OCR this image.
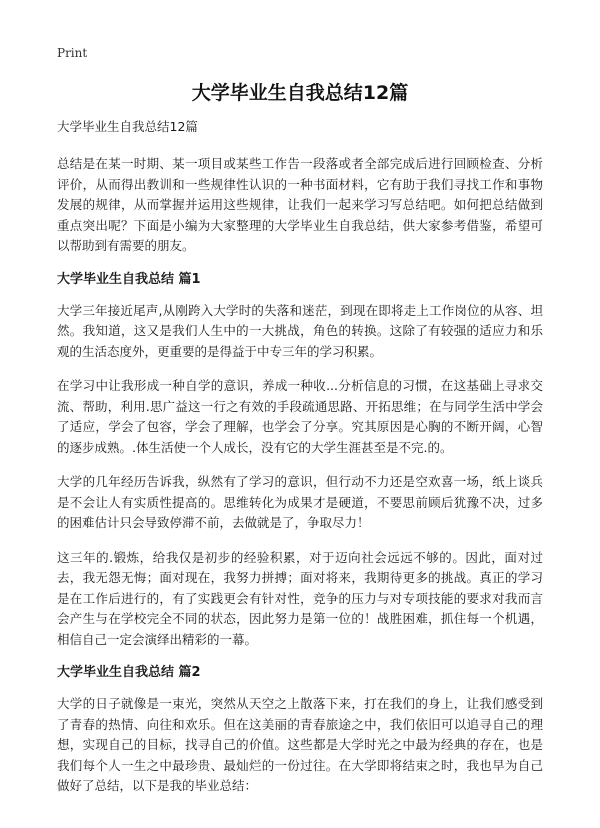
Print
大学毕业生自我总结12篇
大学毕业生自我总结12篇

总结是在某一时期、某一项目或某些工作告一段落或者全部完成后进行回顾检查、分析评价，从而得出教训和一些规律性认识的一种书面材料，它有助于我们寻找工作和事物发展的规律，从而掌握并运用这些规律，让我们一起来学习写总结吧。如何把总结做到重点突出呢？下面是小编为大家整理的大学毕业生自我总结，供大家参考借鉴，希望可以帮助到有需要的朋友。

大学毕业生自我总结 篇1

大学三年接近尾声,从刚跨入大学时的失落和迷茫，到现在即将走上工作岗位的从容、坦然。我知道，这又是我们人生中的一大挑战，角色的转换。这除了有较强的适应力和乐观的生活态度外，更重要的是得益于中专三年的学习积累。

在学习中让我形成一种自学的意识，养成一种收...分析信息的习惯，在这基础上寻求交流、帮助，利用.思广益这一行之有效的手段疏通思路、开拓思维；在与同学生活中学会了适应，学会了包容，学会了理解，也学会了分享。究其原因是心胸的不断开阔，心智的逐步成熟。.体生活使一个人成长，没有它的大学生涯甚至是不完.的。

大学的几年经历告诉我，纵然有了学习的意识，但行动不力还是空欢喜一场，纸上谈兵是不会让人有实质性提高的。思维转化为成果才是硬道，不要思前顾后犹豫不决，过多的困难估计只会导致停滞不前，去做就是了，争取尽力！

这三年的.锻炼，给我仅是初步的经验积累，对于迈向社会远远不够的。因此，面对过去，我无怨无悔；面对现在，我努力拼搏；面对将来，我期待更多的挑战。真正的学习是在工作后进行的，有了实践更会有针对性，竞争的压力与对专项技能的要求对我而言会产生与在学校完全不同的状态，因此努力是第一位的！战胜困难，抓住每一个机遇，相信自己一定会演绎出精彩的一幕。

大学毕业生自我总结 篇2

大学的日子就像是一束光，突然从天空之上散落下来，打在我们的身上，让我们感受到了青春的热情、向往和欢乐。但在这美丽的青春旅途之中，我们依旧可以追寻自己的理想，实现自己的目标，找寻自己的价值。这些都是大学时光之中最为经典的存在，也是我们每个人一生之中最珍贵、最灿烂的一份过往。在大学即将结束之时，我也早为自己做好了总结，以下是我的毕业总结：
